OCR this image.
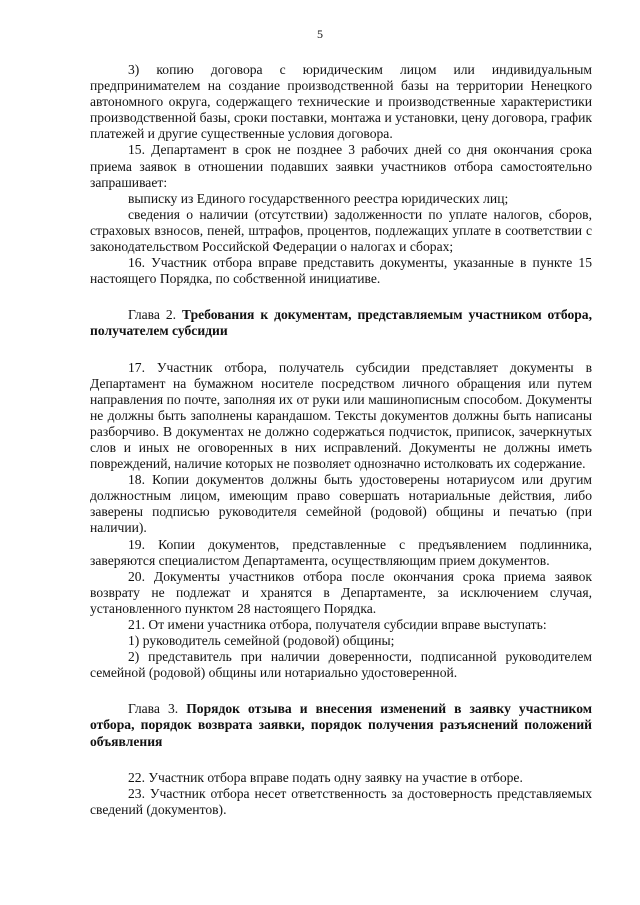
5

3) копию договора с юридическим лицом или индивидуальным предпринимателем на создание производственной базы на территории Ненецкого автономного округа, содержащего технические и производственные характеристики производственной базы, сроки поставки, монтажа и установки, цену договора, график платежей и другие существенные условия договора.

15. Департамент в срок не позднее 3 рабочих дней со дня окончания срока приема заявок в отношении подавших заявки участников отбора самостоятельно запрашивает:

выписку из Единого государственного реестра юридических лиц;

сведения о наличии (отсутствии) задолженности по уплате налогов, сборов, страховых взносов, пеней, штрафов, процентов, подлежащих уплате в соответствии с законодательством Российской Федерации о налогах и сборах;

16. Участник отбора вправе представить документы, указанные в пункте 15 настоящего Порядка, по собственной инициативе.

Глава 2. Требования к документам, представляемым участником отбора, получателем субсидии

17. Участник отбора, получатель субсидии представляет документы в Департамент на бумажном носителе посредством личного обращения или путем направления по почте, заполняя их от руки или машинописным способом. Документы не должны быть заполнены карандашом. Тексты документов должны быть написаны разборчиво. В документах не должно содержаться подчисток, приписок, зачеркнутых слов и иных не оговоренных в них исправлений. Документы не должны иметь повреждений, наличие которых не позволяет однозначно истолковать их содержание.

18. Копии документов должны быть удостоверены нотариусом или другим должностным лицом, имеющим право совершать нотариальные действия, либо заверены подписью руководителя семейной (родовой) общины и печатью (при наличии).

19. Копии документов, представленные с предъявлением подлинника, заверяются специалистом Департамента, осуществляющим прием документов.

20. Документы участников отбора после окончания срока приема заявок возврату не подлежат и хранятся в Департаменте, за исключением случая, установленного пунктом 28 настоящего Порядка.

21. От имени участника отбора, получателя субсидии вправе выступать:

1) руководитель семейной (родовой) общины;

2) представитель при наличии доверенности, подписанной руководителем семейной (родовой) общины или нотариально удостоверенной.

Глава 3. Порядок отзыва и внесения изменений в заявку участником отбора, порядок возврата заявки, порядок получения разъяснений положений объявления

22. Участник отбора вправе подать одну заявку на участие в отборе.

23. Участник отбора несет ответственность за достоверность представляемых сведений (документов).
